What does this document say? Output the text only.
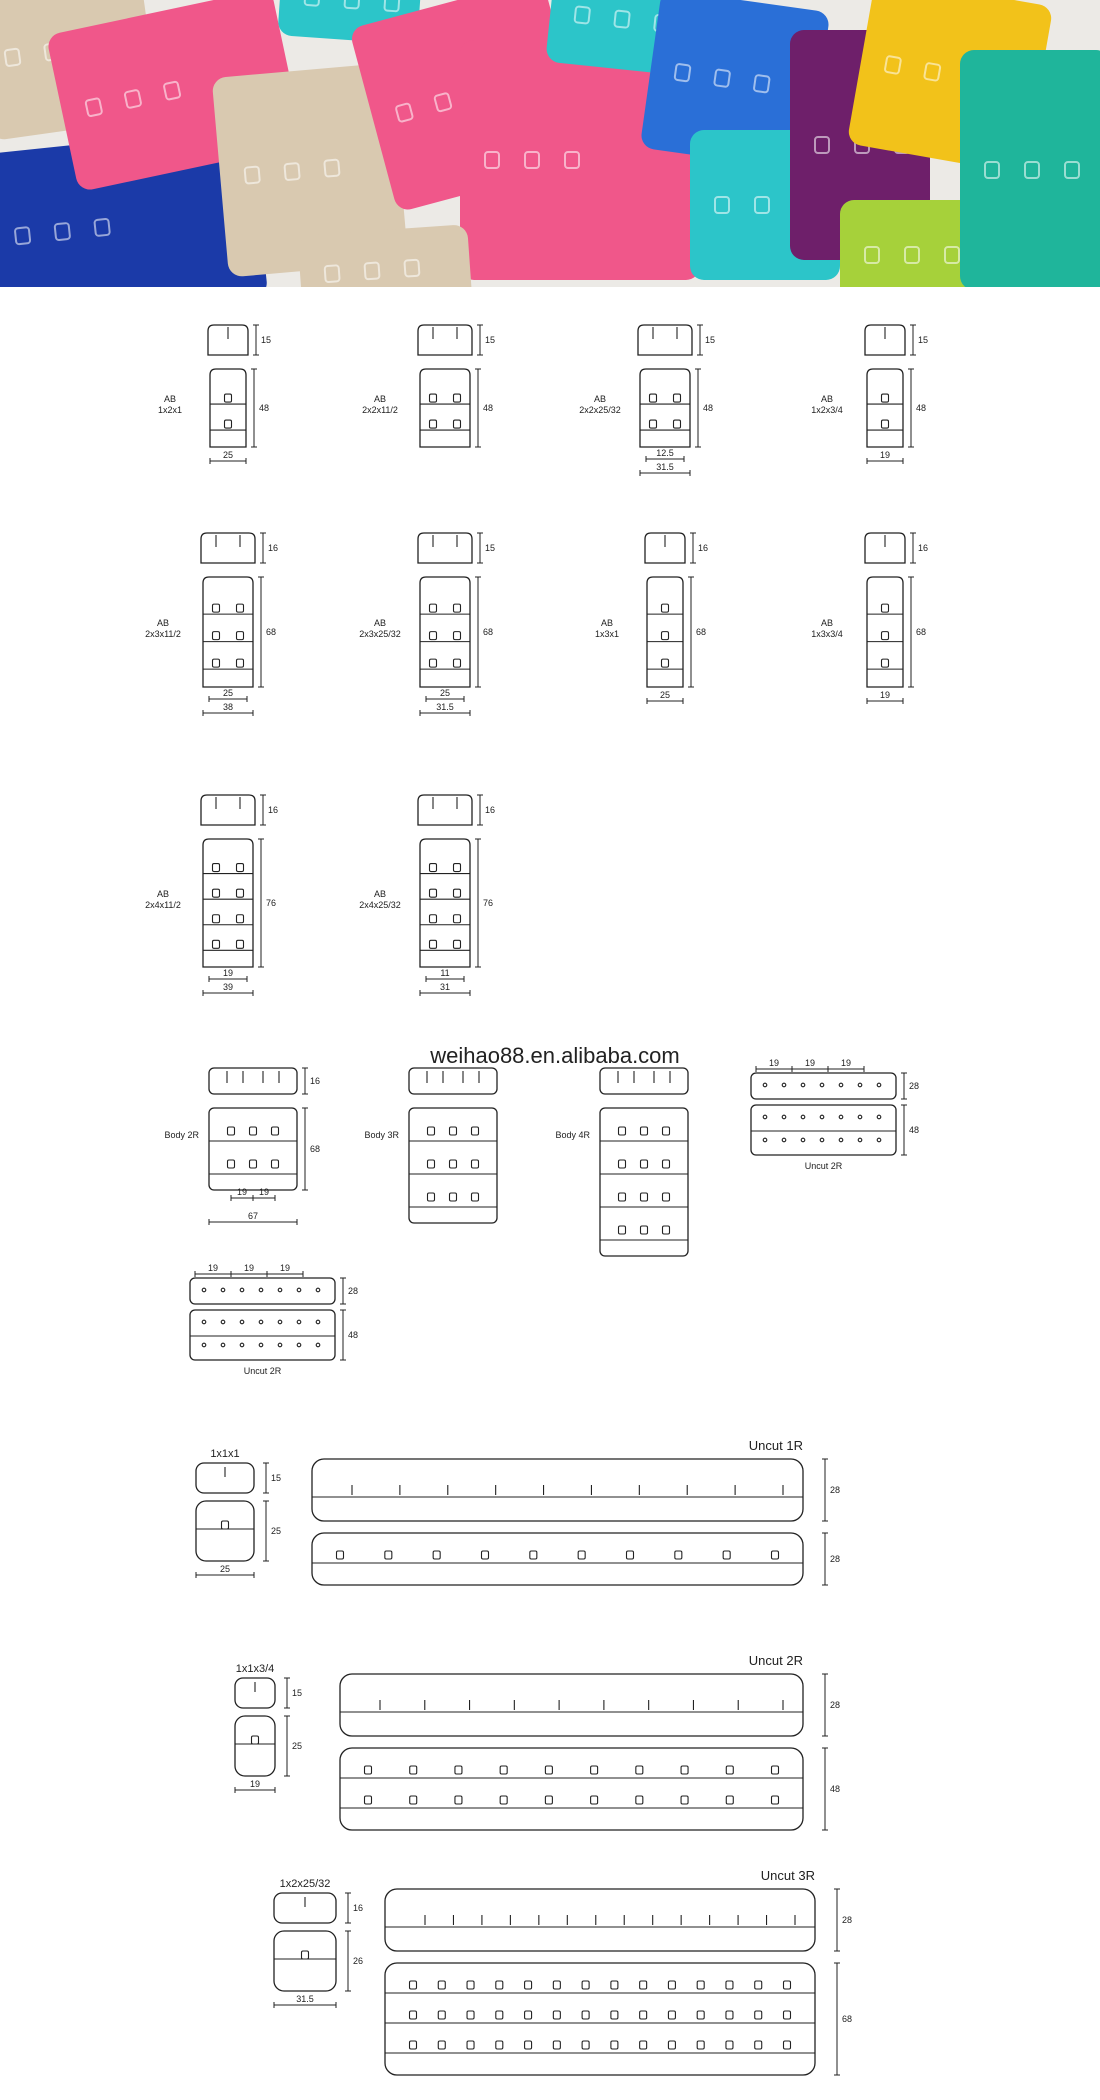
15
48
25
AB
1x2x1
15
48
AB
2x2x11/2
15
48
12.5
31.5
AB
2x2x25/32
15
48
19
AB
1x2x3/4
16
68
25
38
AB
2x3x11/2
15
68
25
31.5
AB
2x3x25/32
16
68
25
AB
1x3x1
16
68
19
AB
1x3x3/4
16
76
19
39
AB
2x4x11/2
16
76
11
31
AB
2x4x25/32
weihao88.en.alibaba.com
Body 2R
16
68
19 19
67
Body 3R	Body 4R
19	19	19
28
48
Uncut 2R
19	19	19
28
48
Uncut 2R
Uncut 1R
1x1x1
15
25
25
28
28
Uncut 2R
1x1x3/4
15
25
19
28
48
Uncut 3R
1x2x25/32
16
26
31.5
28
68
